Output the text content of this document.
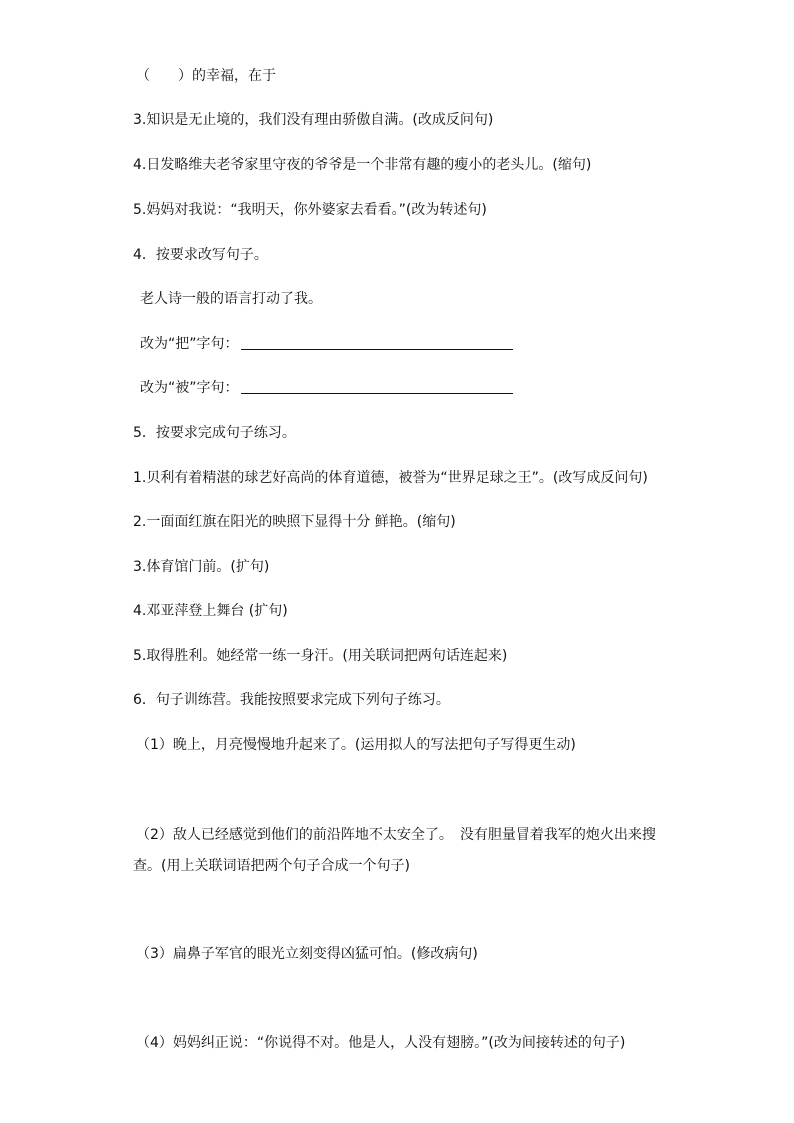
（　　）的幸福，在于
3.知识是无止境的，我们没有理由骄傲自满。(改成反问句)
4.日发略维夫老爷家里守夜的爷爷是一个非常有趣的瘦小的老头儿。(缩句)
5.妈妈对我说：“我明天，你外婆家去看看。”(改为转述句)
4．按要求改写句子。
老人诗一般的语言打动了我。
改为“把”字句：
改为“被”字句：
5．按要求完成句子练习。
1.贝利有着精湛的球艺好高尚的体育道德，被誉为“世界足球之王”。(改写成反问句)
2.一面面红旗在阳光的映照下显得十分 鲜艳。(缩句)
3.体育馆门前。(扩句)
4.邓亚萍登上舞台 (扩句)
5.取得胜利。她经常一练一身汗。(用关联词把两句话连起来)
6．句子训练营。我能按照要求完成下列句子练习。
（1）晚上，月亮慢慢地升起来了。(运用拟人的写法把句子写得更生动)
（2）敌人已经感觉到他们的前沿阵地不太安全了。　没有胆量冒着我军的炮火出来搜
查。(用上关联词语把两个句子合成一个句子)
（3）扁鼻子军官的眼光立刻变得凶猛可怕。(修改病句)
（4）妈妈纠正说：“你说得不对。他是人，人没有翅膀。”(改为间接转述的句子)
